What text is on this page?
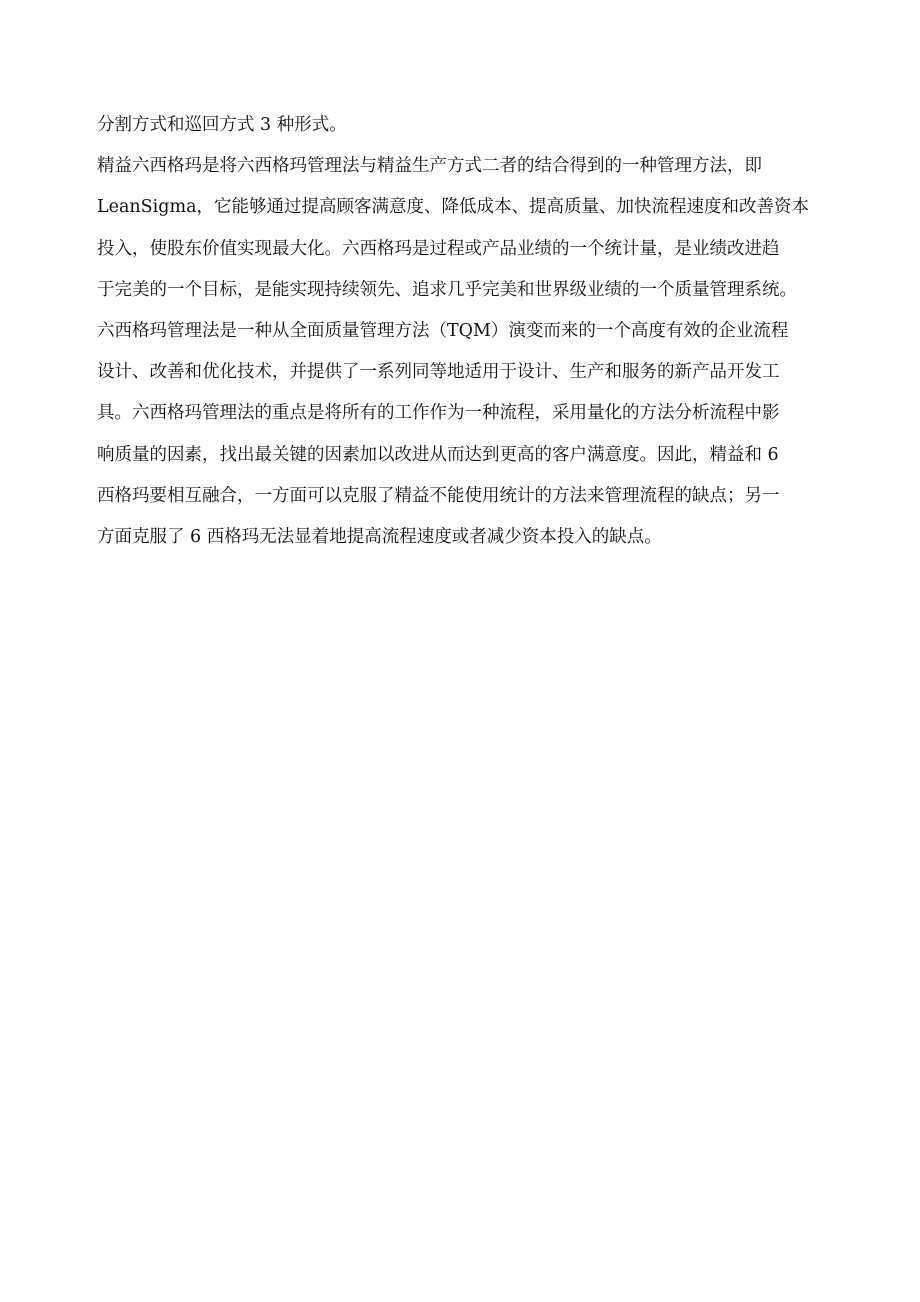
分割方式和巡回方式 3 种形式。
精益六西格玛是将六西格玛管理法与精益生产方式二者的结合得到的一种管理方法，即
LeanSigma，它能够通过提高顾客满意度、降低成本、提高质量、加快流程速度和改善资本
投入，使股东价值实现最大化。六西格玛是过程或产品业绩的一个统计量，是业绩改进趋
于完美的一个目标，是能实现持续领先、追求几乎完美和世界级业绩的一个质量管理系统。
六西格玛管理法是一种从全面质量管理方法（TQM）演变而来的一个高度有效的企业流程
设计、改善和优化技术，并提供了一系列同等地适用于设计、生产和服务的新产品开发工
具。六西格玛管理法的重点是将所有的工作作为一种流程，采用量化的方法分析流程中影
响质量的因素，找出最关键的因素加以改进从而达到更高的客户满意度。因此，精益和 6
西格玛要相互融合，一方面可以克服了精益不能使用统计的方法来管理流程的缺点；另一
方面克服了 6 西格玛无法显着地提高流程速度或者减少资本投入的缺点。
